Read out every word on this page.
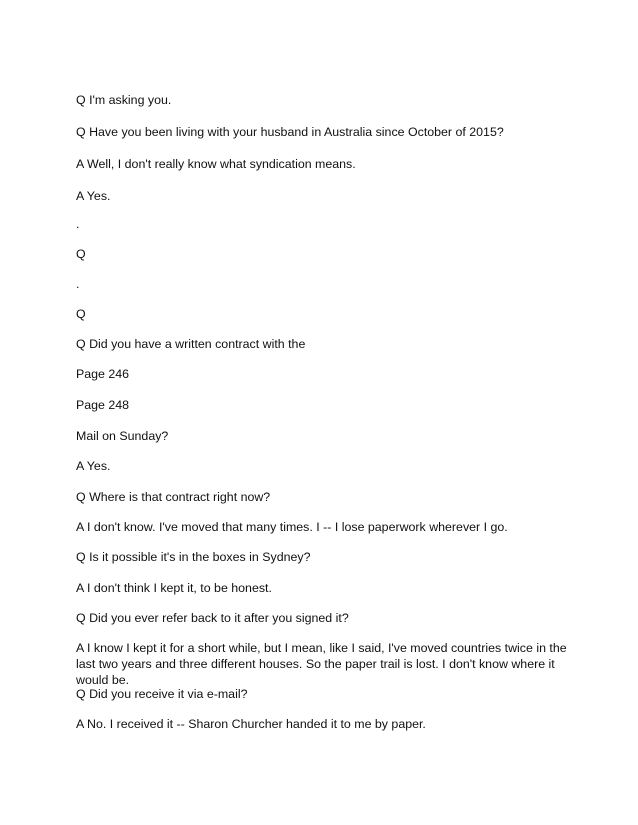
Q I'm asking you.
Q Have you been living with your husband in Australia since October of 2015?
A Well, I don't really know what syndication means.
A Yes.
.
Q
.
Q
Q Did you have a written contract with the
Page 246
Page 248
Mail on Sunday?
A Yes.
Q Where is that contract right now?
A I don't know. I've moved that many times. I -- I lose paperwork wherever I go.
Q Is it possible it's in the boxes in Sydney?
A I don't think I kept it, to be honest.
Q Did you ever refer back to it after you signed it?
A I know I kept it for a short while, but I mean, like I said, I've moved countries twice in the last two years and three different houses. So the paper trail is lost. I don't know where it would be.
Q Did you receive it via e-mail?
A No. I received it -- Sharon Churcher handed it to me by paper.
